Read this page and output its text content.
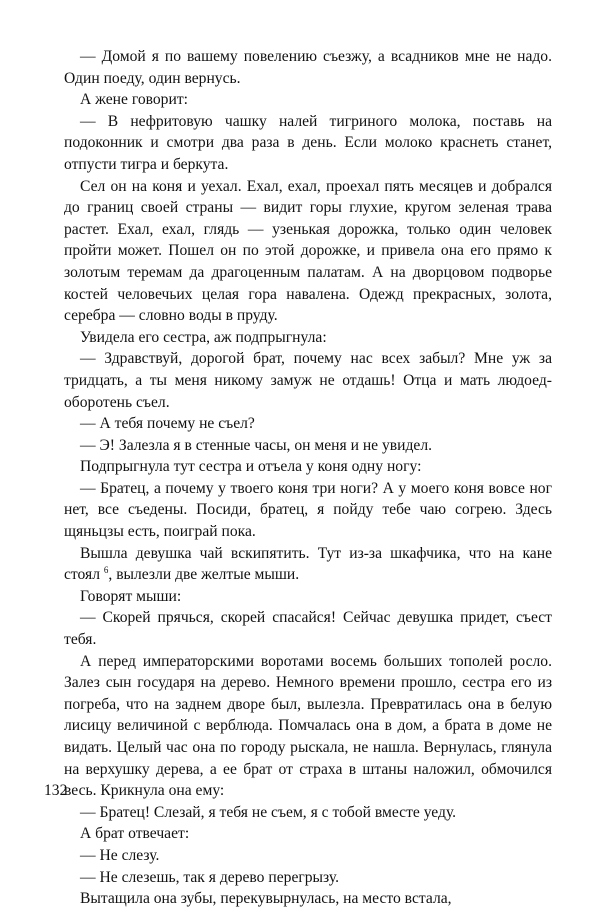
— Домой я по вашему повелению съезжу, а всадников мне не надо. Один поеду, один вернусь.

А жене говорит:

— В нефритовую чашку налей тигриного молока, поставь на подоконник и смотри два раза в день. Если молоко краснеть станет, отпусти тигра и беркута.

Сел он на коня и уехал. Ехал, ехал, проехал пять месяцев и добрался до границ своей страны — видит горы глухие, кругом зеленая трава растет. Ехал, ехал, глядь — узенькая дорожка, только один человек пройти может. Пошел он по этой дорожке, и привела она его прямо к золотым теремам да драгоценным палатам. А на дворцовом подворье костей человечьих целая гора навалена. Одежд прекрасных, золота, серебра — словно воды в пруду.

Увидела его сестра, аж подпрыгнула:

— Здравствуй, дорогой брат, почему нас всех забыл? Мне уж за тридцать, а ты меня никому замуж не отдашь! Отца и мать людоед-оборотень съел.

— А тебя почему не съел?

— Э! Залезла я в стенные часы, он меня и не увидел.

Подпрыгнула тут сестра и отъела у коня одну ногу:

— Братец, а почему у твоего коня три ноги? А у моего коня вовсе ног нет, все съедены. Посиди, братец, я пойду тебе чаю согрею. Здесь щяньцзы есть, поиграй пока.

Вышла девушка чай вскипятить. Тут из-за шкафчика, что на кане стоял $^6$, вылезли две желтые мыши.

Говорят мыши:

— Скорей прячься, скорей спасайся! Сейчас девушка придет, съест тебя.

А перед императорскими воротами восемь больших тополей росло. Залез сын государя на дерево. Немного времени прошло, сестра его из погреба, что на заднем дворе был, вылезла. Превратилась она в белую лисицу величиной с верблюда. Помчалась она в дом, а брата в доме не видать. Целый час она по городу рыскала, не нашла. Вернулась, глянула на верхушку дерева, а ее брат от страха в штаны наложил, обмочился весь. Крикнула она ему:

— Братец! Слезай, я тебя не съем, я с тобой вместе уеду.

А брат отвечает:

— Не слезу.

— Не слезешь, так я дерево перегрызу.

Вытащила она зубы, перекувырнулась, на место встала,

132
